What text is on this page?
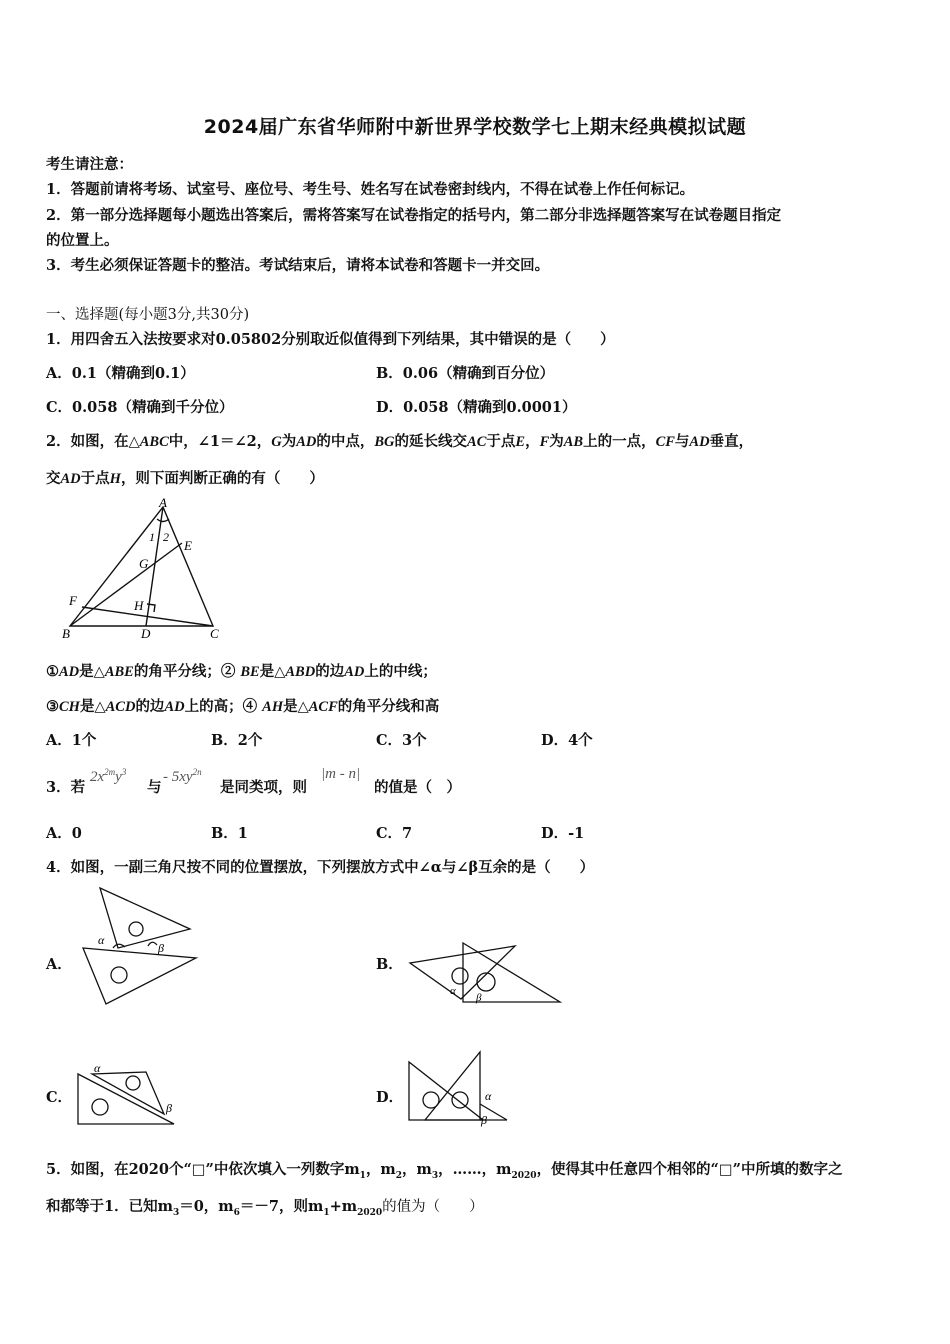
2024届广东省华师附中新世界学校数学七上期末经典模拟试题
考生请注意：
1．答题前请将考场、试室号、座位号、考生号、姓名写在试卷密封线内，不得在试卷上作任何标记。
2．第一部分选择题每小题选出答案后，需将答案写在试卷指定的括号内，第二部分非选择题答案写在试卷题目指定
的位置上。
3．考生必须保证答题卡的整洁。考试结束后，请将本试卷和答题卡一并交回。
一、选择题(每小题3分,共30分)
1．用四舍五入法按要求对0.05802分别取近似值得到下列结果，其中错误的是（　　）
A．0.1（精确到0.1）	B．0.06（精确到百分位）
C．0.058（精确到千分位）	D．0.058（精确到0.0001）
2．如图，在△ABC中，∠1＝∠2，G为AD的中点，BG的延长线交AC于点E，F为AB上的一点，CF与AD垂直，
交AD于点H，则下面判断正确的有（　　）
A
B	C
D
E
F
G
H
1 2
①AD是△ABE的角平分线；② BE是△ABD的边AD上的中线；
③CH是△ACD的边AD上的高；④ AH是△ACF的角平分线和高
A．1个	B．2个	C．3个	D．4个
3．若
$2x^{2m}y^3$
与
- $5xy^{2n}$
是同类项，则
|m - n|
的值是（　）
A．0	B．1	C．7	D．-1
4．如图，一副三角尺按不同的位置摆放，下列摆放方式中∠α与∠β互余的是（　　）
A．
α
β
B．
α
β
C．
α
β
D．	α
β
5．如图，在2020个“□”中依次填入一列数字$m_1$，$m_2$，$m_3$，……，$m_{2020}$，使得其中任意四个相邻的“□”中所填的数字之
和都等于1．已知$m_3=0$，$m_6=-7$，则$m_1+m_{2020}$的值为（　　）
